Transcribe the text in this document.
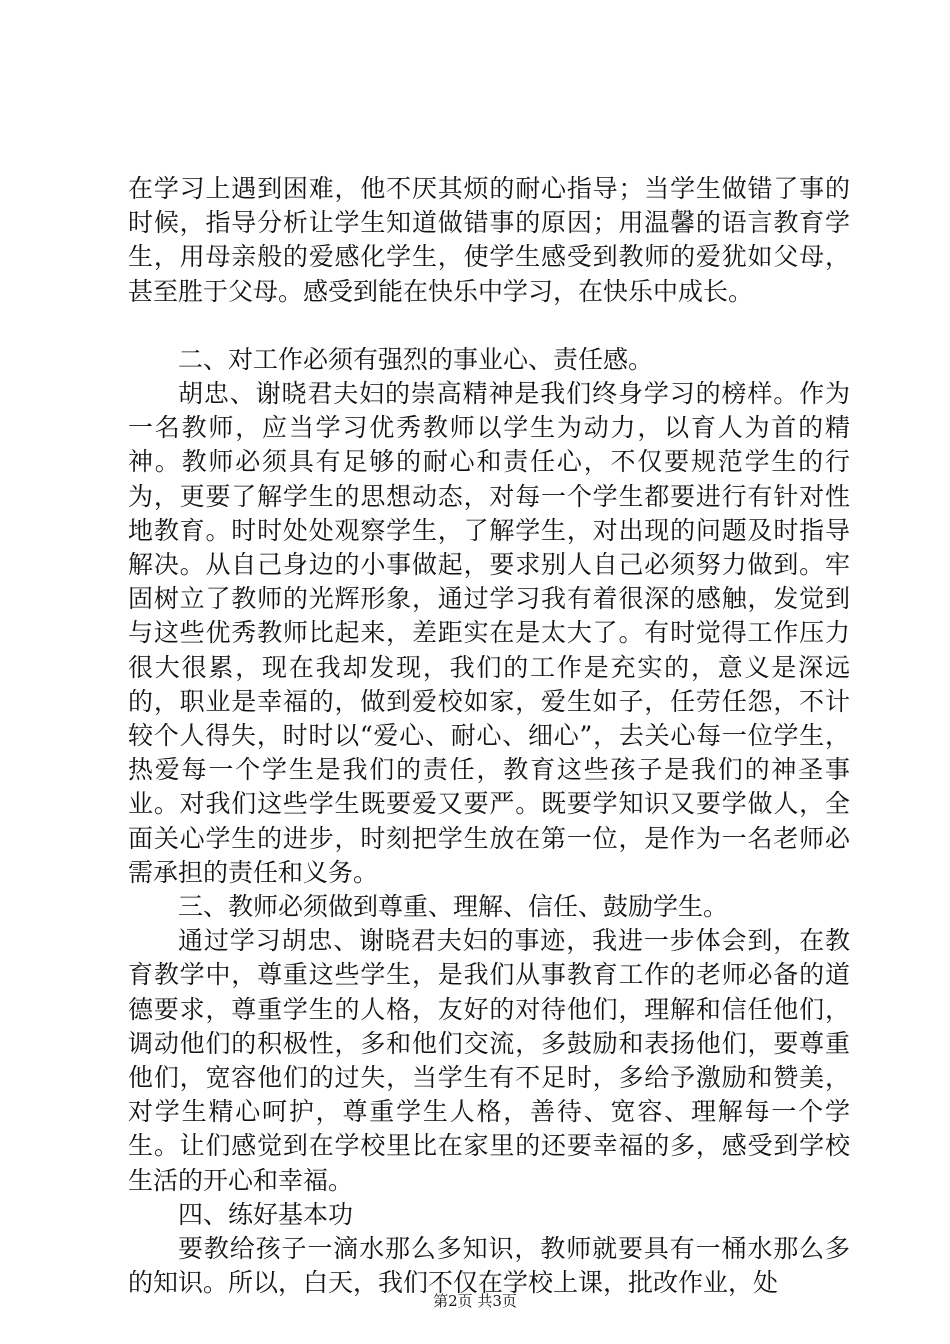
在学习上遇到困难，他不厌其烦的耐心指导；当学生做错了事的时候，指导分析让学生知道做错事的原因；用温馨的语言教育学生，用母亲般的爱感化学生，使学生感受到教师的爱犹如父母，甚至胜于父母。感受到能在快乐中学习，在快乐中成长。

二、对工作必须有强烈的事业心、责任感。

胡忠、谢晓君夫妇的崇高精神是我们终身学习的榜样。作为一名教师，应当学习优秀教师以学生为动力，以育人为首的精神。教师必须具有足够的耐心和责任心，不仅要规范学生的行为，更要了解学生的思想动态，对每一个学生都要进行有针对性地教育。时时处处观察学生，了解学生，对出现的问题及时指导解决。从自己身边的小事做起，要求别人自己必须努力做到。牢固树立了教师的光辉形象，通过学习我有着很深的感触，发觉到与这些优秀教师比起来，差距实在是太大了。有时觉得工作压力很大很累，现在我却发现，我们的工作是充实的，意义是深远的，职业是幸福的，做到爱校如家，爱生如子，任劳任怨，不计较个人得失，时时以“爱心、耐心、细心”，去关心每一位学生，热爱每一个学生是我们的责任，教育这些孩子是我们的神圣事业。对我们这些学生既要爱又要严。既要学知识又要学做人，全面关心学生的进步，时刻把学生放在第一位，是作为一名老师必需承担的责任和义务。

三、教师必须做到尊重、理解、信任、鼓励学生。

通过学习胡忠、谢晓君夫妇的事迹，我进一步体会到，在教育教学中，尊重这些学生，是我们从事教育工作的老师必备的道德要求，尊重学生的人格，友好的对待他们，理解和信任他们，调动他们的积极性，多和他们交流，多鼓励和表扬他们，要尊重他们，宽容他们的过失，当学生有不足时，多给予激励和赞美，对学生精心呵护，尊重学生人格，善待、宽容、理解每一个学生。让们感觉到在学校里比在家里的还要幸福的多，感受到学校生活的开心和幸福。

四、练好基本功

要教给孩子一滴水那么多知识，教师就要具有一桶水那么多的知识。所以，白天，我们不仅在学校上课，批改作业，处

第2页 共3页
